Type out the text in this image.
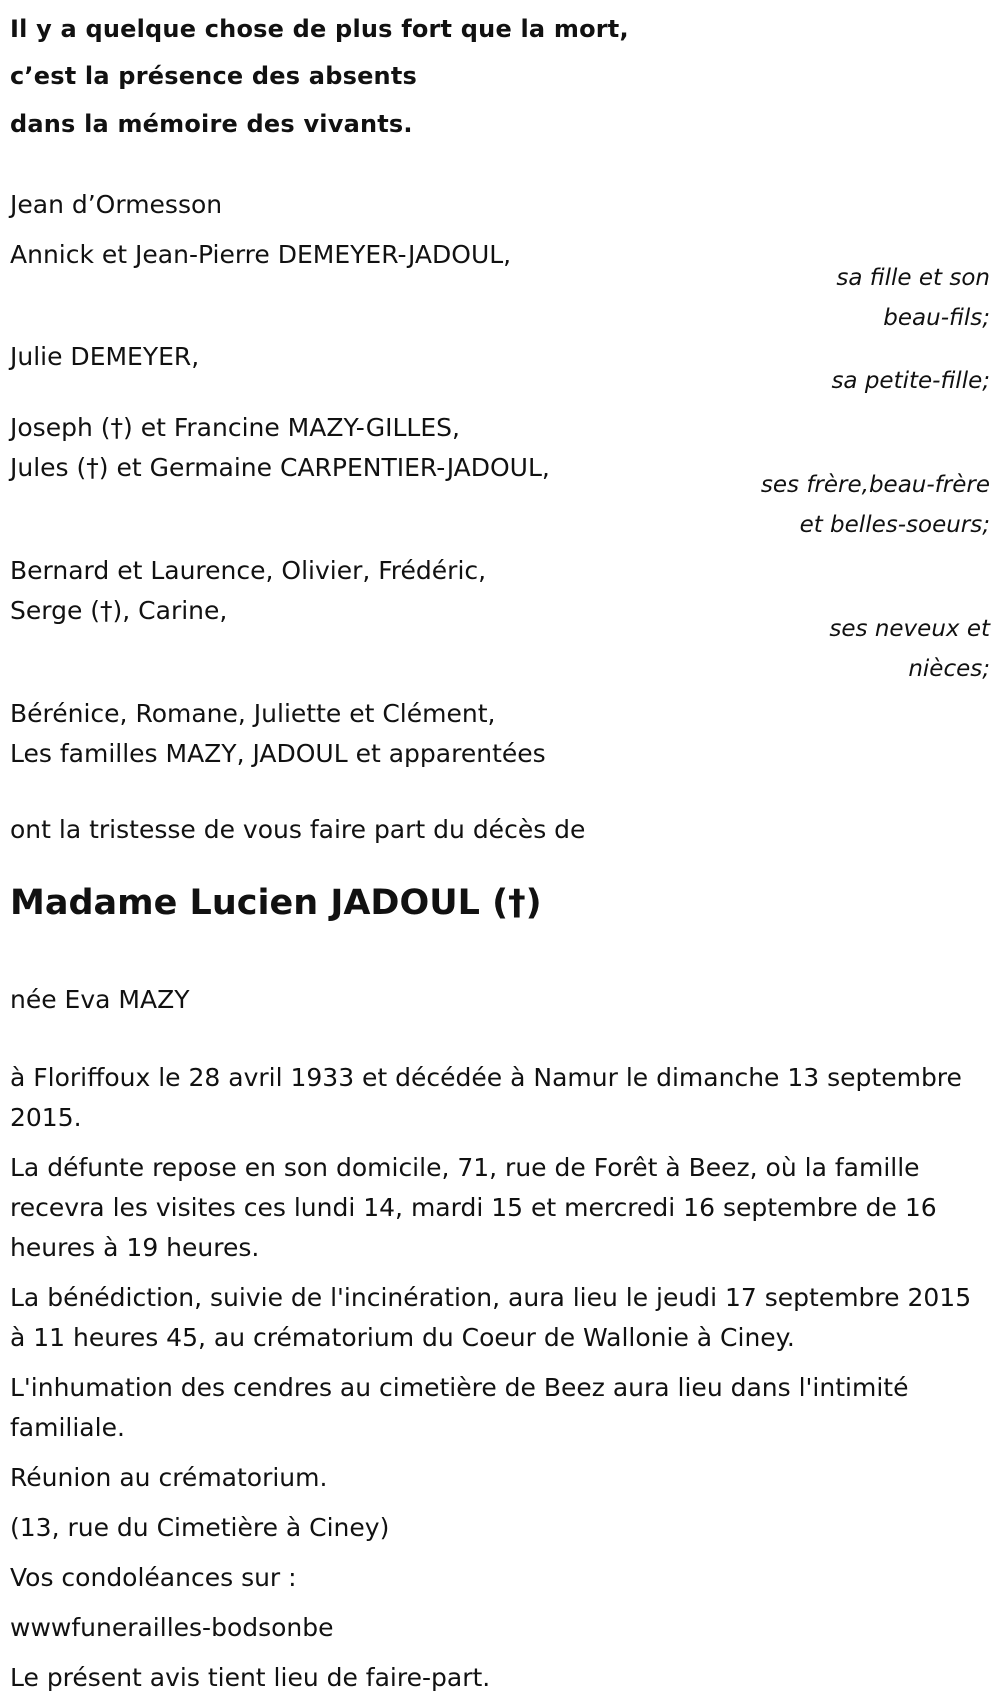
Il y a quelque chose de plus fort que la mort,
c’est la présence des absents
dans la mémoire des vivants.
Jean d’Ormesson
Annick et Jean-Pierre DEMEYER-JADOUL,
sa fille et son
beau-fils;
Julie DEMEYER,
sa petite-fille;
Joseph (†) et Francine MAZY-GILLES,
Jules (†) et Germaine CARPENTIER-JADOUL,
ses frère,beau-frère
et belles-soeurs;
Bernard et Laurence, Olivier, Frédéric,
Serge (†), Carine,
ses neveux et
nièces;
Bérénice, Romane, Juliette et Clément,
Les familles MAZY, JADOUL et apparentées
ont la tristesse de vous faire part du décès de
Madame Lucien JADOUL (†)
née Eva MAZY
à Floriffoux le 28 avril 1933 et décédée à Namur le dimanche 13 septembre 2015.
La défunte repose en son domicile, 71, rue de Forêt à Beez, où la famille recevra les visites ces lundi 14, mardi 15 et mercredi 16 septembre de 16 heures à 19 heures.
La bénédiction, suivie de l'incinération, aura lieu le jeudi 17 septembre 2015 à 11 heures 45, au crématorium du Coeur de Wallonie à Ciney.
L'inhumation des cendres au cimetière de Beez aura lieu dans l'intimité familiale.
Réunion au crématorium.
(13, rue du Cimetière à Ciney)
Vos condoléances sur :
wwwfunerailles-bodsonbe
Le présent avis tient lieu de faire-part.
